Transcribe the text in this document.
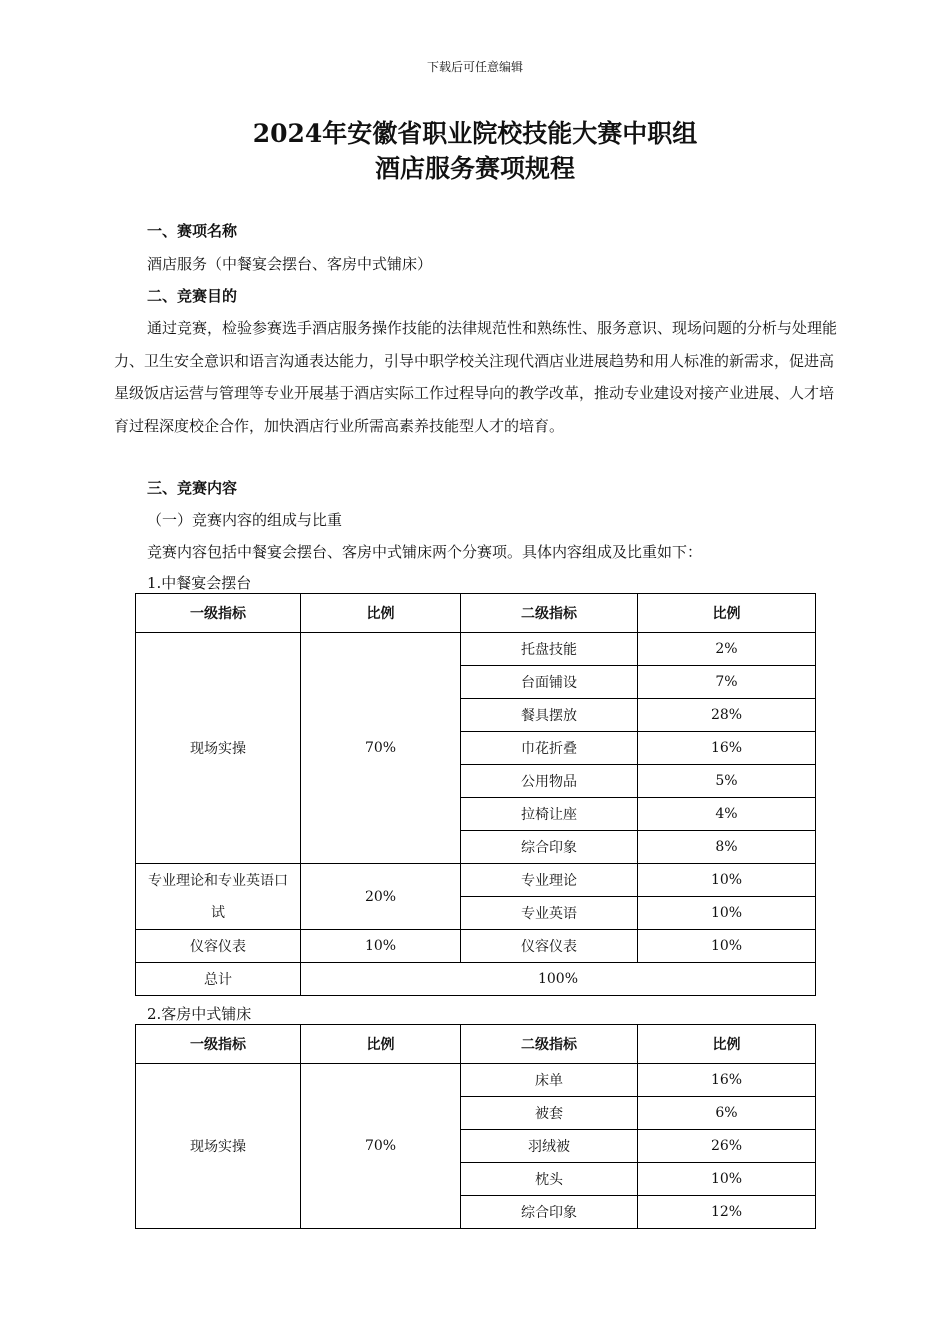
下载后可任意编辑
2024年安徽省职业院校技能大赛中职组
酒店服务赛项规程
一、赛项名称
酒店服务（中餐宴会摆台、客房中式铺床）
二、竞赛目的
通过竞赛，检验参赛选手酒店服务操作技能的法律规范性和熟练性、服务意识、现场问题的分析与处理能力、卫生安全意识和语言沟通表达能力，引导中职学校关注现代酒店业进展趋势和用人标准的新需求，促进高星级饭店运营与管理等专业开展基于酒店实际工作过程导向的教学改革，推动专业建设对接产业进展、人才培育过程深度校企合作，加快酒店行业所需高素养技能型人才的培育。
三、竞赛内容
（一）竞赛内容的组成与比重
竞赛内容包括中餐宴会摆台、客房中式铺床两个分赛项。具体内容组成及比重如下：
1.中餐宴会摆台
一级指标	比例	二级指标	比例
现场实操	70%	托盘技能	2%
		台面铺设	7%
		餐具摆放	28%
		巾花折叠	16%
		公用物品	5%
		拉椅让座	4%
		综合印象	8%
专业理论和专业英语口试	20%	专业理论	10%
		专业英语	10%
仪容仪表	10%	仪容仪表	10%
总计	100%		
2.客房中式铺床
一级指标	比例	二级指标	比例
现场实操	70%	床单	16%
		被套	6%
		羽绒被	26%
		枕头	10%
		综合印象	12%
